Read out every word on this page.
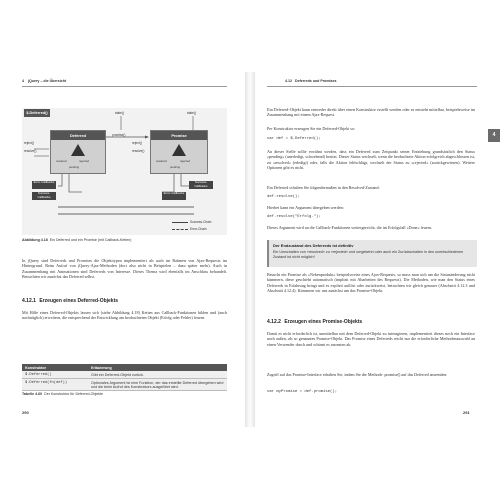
4 jQuery – die Übersicht
$.Deferred()	state()	state()
reject()
resolve()
reject()
resolve()
Deferred
resolved	rejected
pending
promise()	Promise
resolved	rejected
pending
Error-Callbacks
Success-Callbacks
Success-Callbacks
Error-Callbacks
Success-Chain
Error-Chain
Abbildung 4.18 Ein Deferred und ein Promise (mit Callback-Ketten)

In jQuery sind Deferreds und Promises die Objekttypen implementiert als auch im Rahmen von Ajax-Requests im Hintergrund. Beim Aufruf von jQuery-Ajax-Methoden (dort also nicht in Beispielen – dazu später mehr). Auch in Zusammenhang mit Animationen sind Deferreds von Interesse. Dieses Thema wird ebenfalls im Anschluss behandelt. Betrachten wir zunächst das Deferred selbst.

4.12.1 Erzeugen eines Deferred-Objekts

Mit Hilfe eines Deferred-Objekts lassen sich (siehe Abbildung 4.18) Ketten aus Callback-Funktionen bilden und (auch nachträglich) erweitern, die entsprechend der Entwicklung am beobachteten Objekt (Erfolg oder Fehler) feuern.

Konstruktor	Erläuterung
$.Deferred()	Gibt ein Deferred-Objekt zurück.
$.Deferred(fn(def))	Optionales Argument ist eine Funktion, der das erstellte Deferred übergeben wird und die beim Aufruf des Konstruktors ausgeführt wird.
Tabelle 4.60 Der Konstruktor für Deferred-Objekte
290
4.12 Deferreds und Promises
4

Ein Deferred-Objekt kann entweder direkt über einen Konstruktor erstellt werden oder es entsteht mittelbar, beispielsweise im Zusammenhang mit einem Ajax-Request.

Per Konstruktor erzeugen Sie ein Deferred-Objekt so:

var def = $.Deferred();

An dieser Stelle sollte erwähnt werden, dass ein Deferred zum Zeitpunkt seiner Entstehung grundsätzlich den Status »pending« (unerledigt, schwebend) besitzt. Dieser Status wechselt, wenn die beobachtete Aktion erfolgreich abgeschlossen ist, zu »resolved« (erledigt) oder, falls die Aktion fehlschlägt, wechselt der Status zu »rejected« (zurückgewiesen). Weitere Optionen gibt es nicht.

Ein Deferred schalten Sie folgendermaßen in den Resolved-Zustand:

def.resolve();

Hierbei kann ein Argument übergeben werden:

def.resolve("Erfolg.");

Dieses Argument wird an die Callback-Funktionen weitergereicht, die im Erfolgsfall »Done« feuern.

Der Endzustand des Deferreds ist definitiv
Ein Umschalten von »resolved« zu »rejected« und umgekehrt oder auch ein Zurückschalten in den unentschiedenen Zustand ist nicht möglich!

Besucht ein Promise als »Nebenprodukt« beispielsweise eines Ajax-Requests, so muss man sich um die Statusänderung nicht kümmern, diese geschieht automatisch (implizit mit Abarbeiten des Requests). Die Methoden, wie man den Status eines Deferreds in Erfahrung bringt und es explizit auflöst oder zurückweist, betrachten wir gleich genauer (Abschnitt 4.12.3 und Abschnitt 4.12.4). Kümmern wir uns zunächst um das Promise-Objekt.

4.12.2 Erzeugen eines Promise-Objekts

Damit es nicht erforderlich ist, unmittelbar mit dem Deferred-Objekt zu interagieren, implementiert dieses noch ein Interface nach außen, als so genanntes Promise-Objekt. Das Promise eines Deferreds reicht nur die erforderliche Methodenauswahl an einen Verwender durch und schirmt es anonsten ab.

Zugriff auf das Promise-Interface erhalten Sie, indem Sie die Methode .promise() auf das Deferred anwenden:

var myPromise = def.promise();
291
